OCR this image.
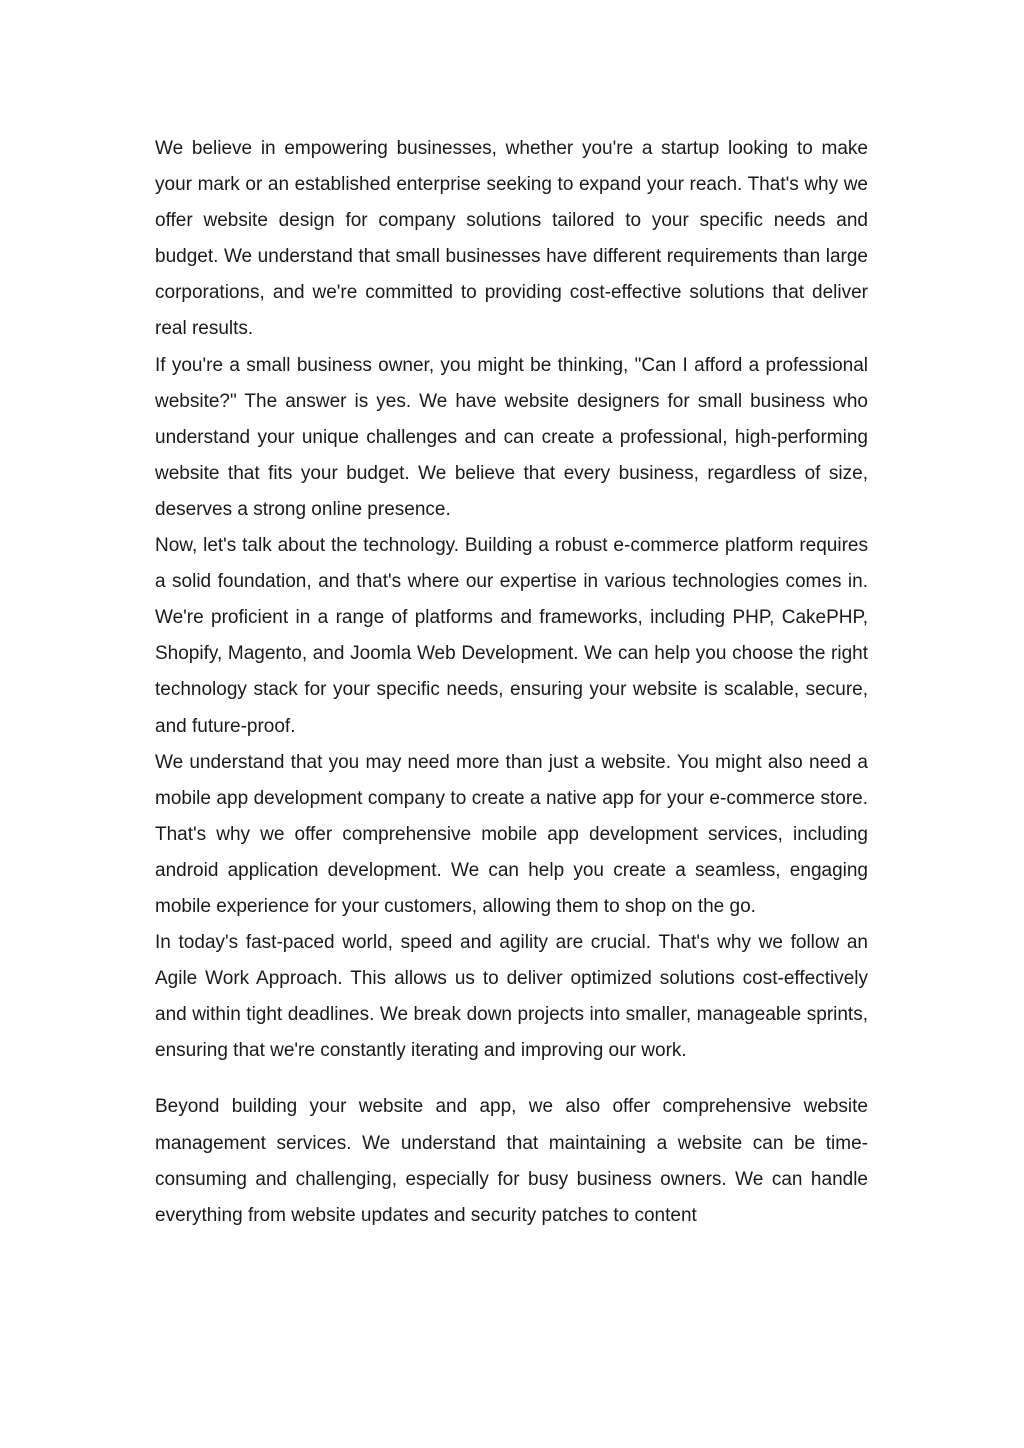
We believe in empowering businesses, whether you're a startup looking to make your mark or an established enterprise seeking to expand your reach. That's why we offer website design for company solutions tailored to your specific needs and budget. We understand that small businesses have different requirements than large corporations, and we're committed to providing cost-effective solutions that deliver real results.

If you're a small business owner, you might be thinking, "Can I afford a professional website?" The answer is yes. We have website designers for small business who understand your unique challenges and can create a professional, high-performing website that fits your budget. We believe that every business, regardless of size, deserves a strong online presence.

Now, let's talk about the technology. Building a robust e-commerce platform requires a solid foundation, and that's where our expertise in various technologies comes in. We're proficient in a range of platforms and frameworks, including PHP, CakePHP, Shopify, Magento, and Joomla Web Development. We can help you choose the right technology stack for your specific needs, ensuring your website is scalable, secure, and future-proof.

We understand that you may need more than just a website. You might also need a mobile app development company to create a native app for your e-commerce store. That's why we offer comprehensive mobile app development services, including android application development. We can help you create a seamless, engaging mobile experience for your customers, allowing them to shop on the go.

In today's fast-paced world, speed and agility are crucial. That's why we follow an Agile Work Approach. This allows us to deliver optimized solutions cost-effectively and within tight deadlines. We break down projects into smaller, manageable sprints, ensuring that we're constantly iterating and improving our work.

Beyond building your website and app, we also offer comprehensive website management services. We understand that maintaining a website can be time-consuming and challenging, especially for busy business owners. We can handle everything from website updates and security patches to content
